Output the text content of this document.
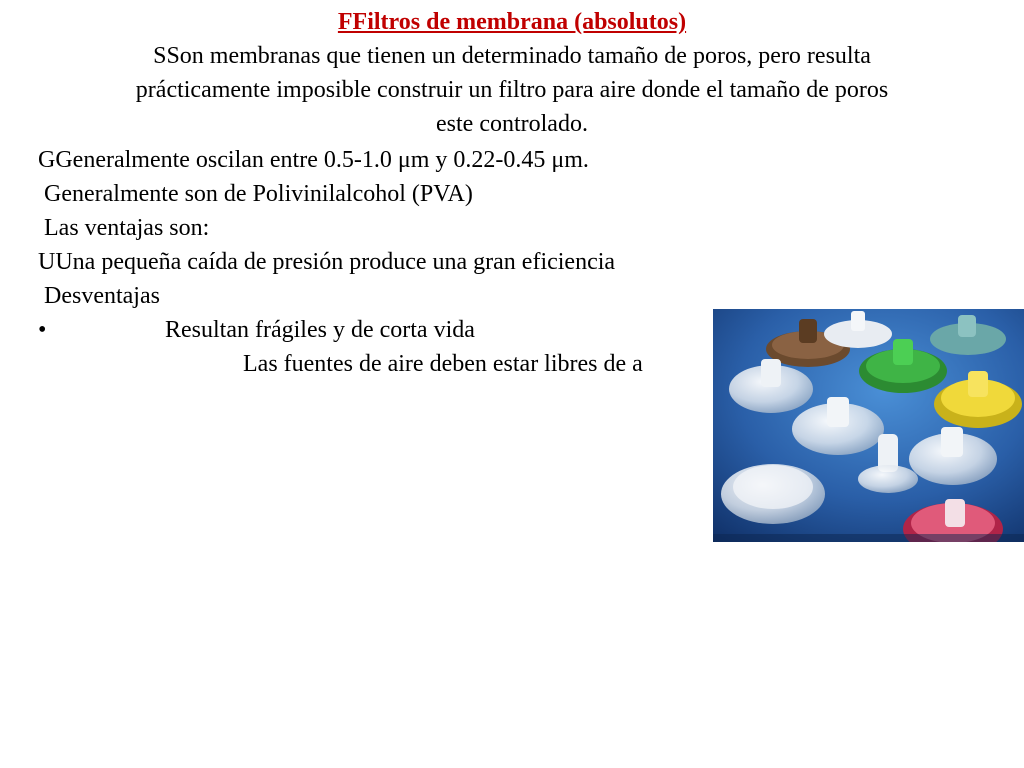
FFiltros de membrana (absolutos)
SSon membranas que tienen un determinado tamaño de poros, pero resulta
prácticamente imposible construir un filtro para aire donde el tamaño de poros
este controlado.
GGeneralmente oscilan entre 0.5-1.0 μm y 0.22-0.45 μm.
Generalmente son de Polivinilalcohol (PVA)
Las ventajas son:
UUna pequeña caída de presión produce una gran eficiencia
Desventajas
•	Resultan frágiles y de corta vida
Las fuentes de aire deben estar libres de a
